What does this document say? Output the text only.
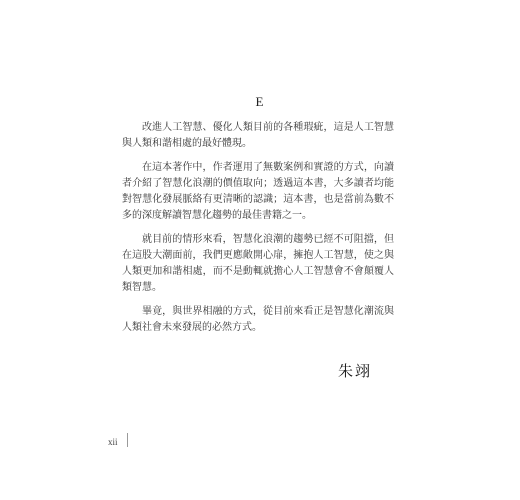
E

改進人工智慧、優化人類目前的各種瑕疵，這是人工智慧與人類和諧相處的最好體現。

在這本著作中，作者運用了無數案例和實證的方式，向讀者介紹了智慧化浪潮的價值取向；透過這本書，大多讀者均能對智慧化發展脈絡有更清晰的認識；這本書，也是當前為數不多的深度解讀智慧化趨勢的最佳書籍之一。

就目前的情形來看，智慧化浪潮的趨勢已經不可阻擋，但在這股大潮面前，我們更應敞開心扉，擁抱人工智慧，使之與人類更加和諧相處，而不是動輒就擔心人工智慧會不會顛覆人類智慧。

畢竟，與世界相融的方式，從目前來看正是智慧化潮流與人類社會未來發展的必然方式。

朱翊
xii
